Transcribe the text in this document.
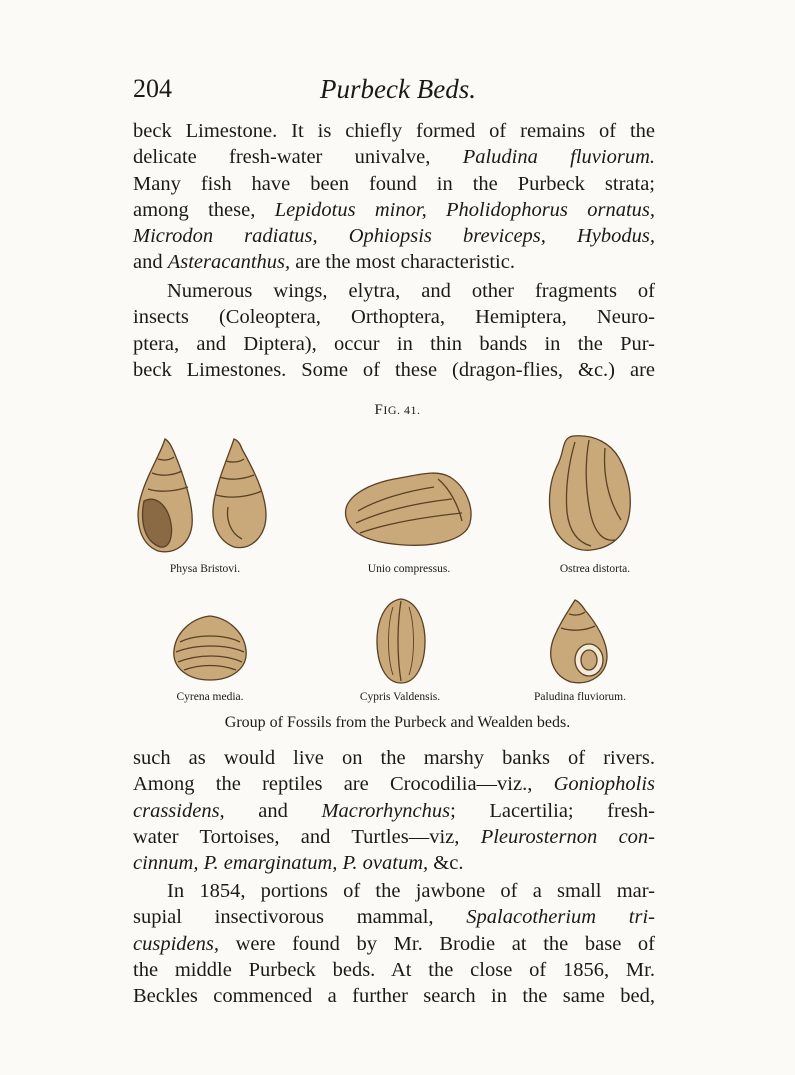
204	Purbeck Beds.

beck Limestone. It is chiefly formed of remains of the
delicate fresh-water univalve, Paludina fluviorum.
Many fish have been found in the Purbeck strata;
among these, Lepidotus minor, Pholidophorus ornatus,
Microdon radiatus, Ophiopsis breviceps, Hybodus,
and Asteracanthus, are the most characteristic.

Numerous wings, elytra, and other fragments of
insects (Coleoptera, Orthoptera, Hemiptera, Neuro-
ptera, and Diptera), occur in thin bands in the Pur-
beck Limestones. Some of these (dragon-flies, &c.) are

FIG. 41.
Physa Bristovi.	Unio compressus.	Ostrea distorta.
Cyrena media.	Cypris Valdensis.	Paludina fluviorum.
Group of Fossils from the Purbeck and Wealden beds.

such as would live on the marshy banks of rivers.
Among the reptiles are Crocodilia—viz., Goniopholis
crassidens, and Macrorhynchus; Lacertilia; fresh-
water Tortoises, and Turtles—viz, Pleurosternon con-
cinnum, P. emarginatum, P. ovatum, &c.

In 1854, portions of the jawbone of a small mar-
supial insectivorous mammal, Spalacotherium tri-
cuspidens, were found by Mr. Brodie at the base of
the middle Purbeck beds. At the close of 1856, Mr.
Beckles commenced a further search in the same bed,
